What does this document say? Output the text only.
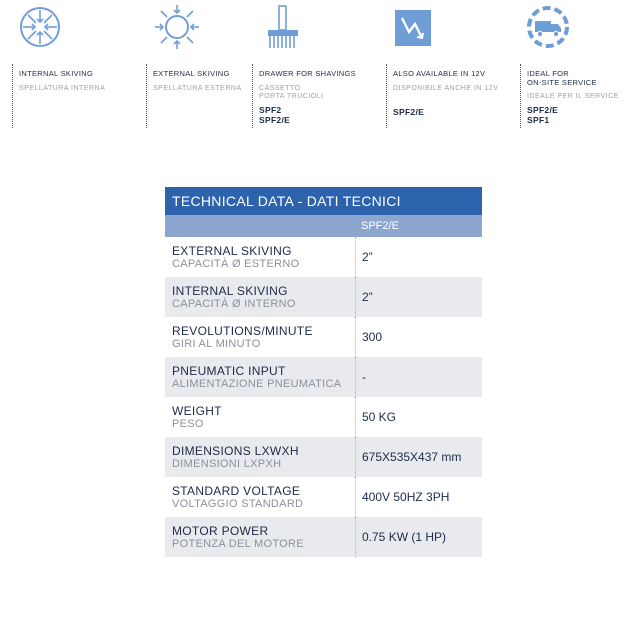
INTERNAL SKIVING
SPELLATURA INTERNA
EXTERNAL SKIVING
SPELLATURA ESTERNA
DRAWER FOR SHAVINGS
CASSETTO
PORTA TRUCIOLI
SPF2
SPF2/E
ALSO AVAILABLE IN 12V
DISPONIBILE ANCHE IN 12V
SPF2/E
IDEAL FOR
ON-SITE SERVICE
IDEALE PER IL SERVICE
SPF2/E
SPF1
TECHNICAL DATA - DATI TECNICI
SPF2/E
EXTERNAL SKIVING
CAPACITÀ Ø ESTERNO	2”
INTERNAL SKIVING
CAPACITÀ Ø INTERNO	2”
REVOLUTIONS/MINUTE
GIRI AL MINUTO	300
PNEUMATIC INPUT
ALIMENTAZIONE PNEUMATICA	-
WEIGHT
PESO	50 KG
DIMENSIONS LXWXH
DIMENSIONI LXPXH	675X535X437 mm
STANDARD VOLTAGE
VOLTAGGIO STANDARD	400V 50HZ 3PH
MOTOR POWER
POTENZA DEL MOTORE	0.75 KW (1 HP)
